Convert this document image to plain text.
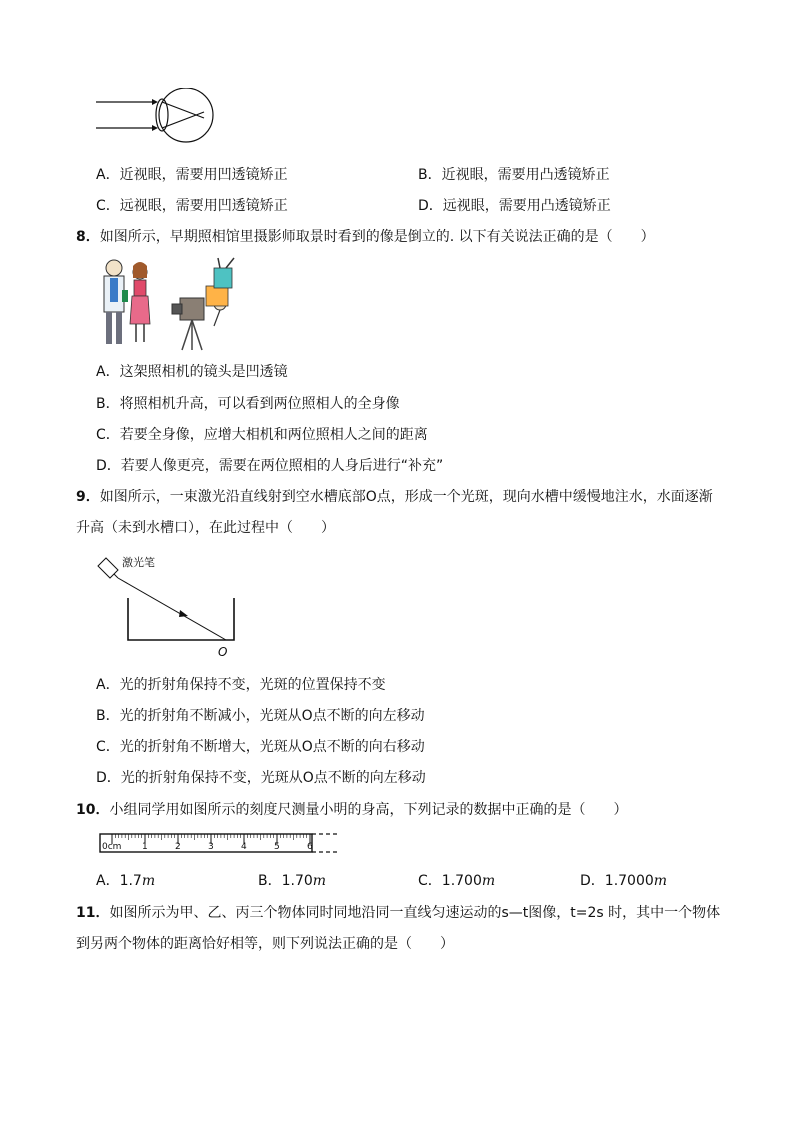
A．近视眼，需要用凹透镜矫正	B．近视眼，需要用凸透镜矫正
C．远视眼，需要用凹透镜矫正	D．远视眼，需要用凸透镜矫正
8．如图所示，早期照相馆里摄影师取景时看到的像是倒立的. 以下有关说法正确的是（　　）
A．这架照相机的镜头是凹透镜
B．将照相机升高，可以看到两位照相人的全身像
C．若要全身像，应增大相机和两位照相人之间的距离
D．若要人像更亮，需要在两位照相的人身后进行“补充”
9．如图所示，一束激光沿直线射到空水槽底部O点，形成一个光斑，现向水槽中缓慢地注水，水面逐渐
升高（未到水槽口），在此过程中（　　）
激光笔
O
A．光的折射角保持不变，光斑的位置保持不变
B．光的折射角不断减小，光斑从O点不断的向左移动
C．光的折射角不断增大，光斑从O点不断的向右移动
D．光的折射角保持不变，光斑从O点不断的向左移动
10．小组同学用如图所示的刻度尺测量小明的身高，下列记录的数据中正确的是（　　）
0cm 1	2	3	4	5	6
A．1.7m	B．1.70m	C．1.700m	D．1.7000m
11．如图所示为甲、乙、丙三个物体同时同地沿同一直线匀速运动的s—t图像，t=2s 时，其中一个物体
到另两个物体的距离恰好相等，则下列说法正确的是（　　）
